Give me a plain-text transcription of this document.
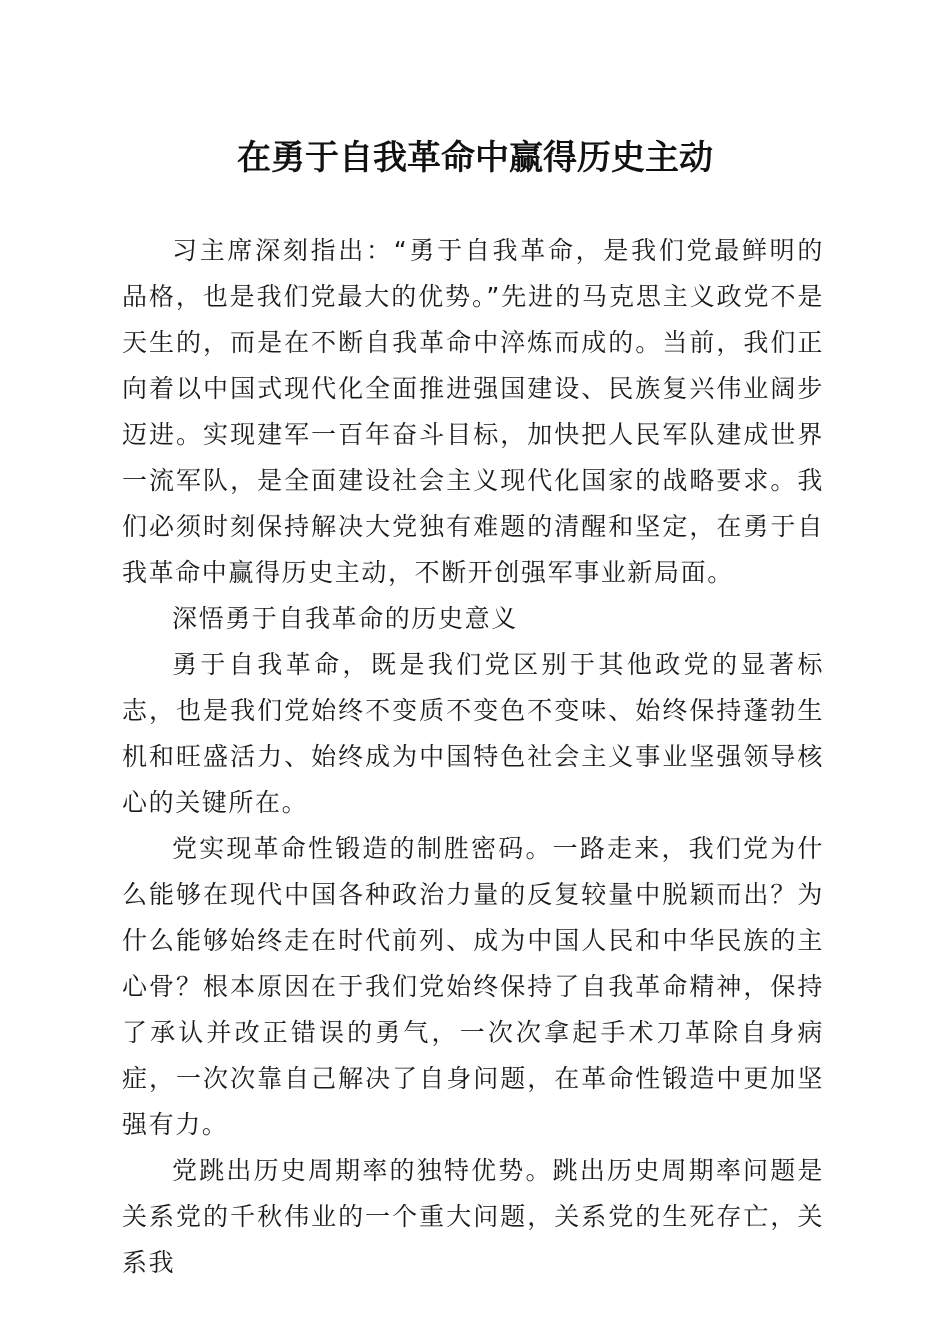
在勇于自我革命中赢得历史主动

习主席深刻指出：“勇于自我革命，是我们党最鲜明的品格，也是我们党最大的优势。”先进的马克思主义政党不是天生的，而是在不断自我革命中淬炼而成的。当前，我们正向着以中国式现代化全面推进强国建设、民族复兴伟业阔步迈进。实现建军一百年奋斗目标，加快把人民军队建成世界一流军队，是全面建设社会主义现代化国家的战略要求。我们必须时刻保持解决大党独有难题的清醒和坚定，在勇于自我革命中赢得历史主动，不断开创强军事业新局面。

深悟勇于自我革命的历史意义

勇于自我革命，既是我们党区别于其他政党的显著标志，也是我们党始终不变质不变色不变味、始终保持蓬勃生机和旺盛活力、始终成为中国特色社会主义事业坚强领导核心的关键所在。

党实现革命性锻造的制胜密码。一路走来，我们党为什么能够在现代中国各种政治力量的反复较量中脱颖而出？为什么能够始终走在时代前列、成为中国人民和中华民族的主心骨？根本原因在于我们党始终保持了自我革命精神，保持了承认并改正错误的勇气，一次次拿起手术刀革除自身病症，一次次靠自己解决了自身问题，在革命性锻造中更加坚强有力。

党跳出历史周期率的独特优势。跳出历史周期率问题是关系党的千秋伟业的一个重大问题，关系党的生死存亡，关系我
